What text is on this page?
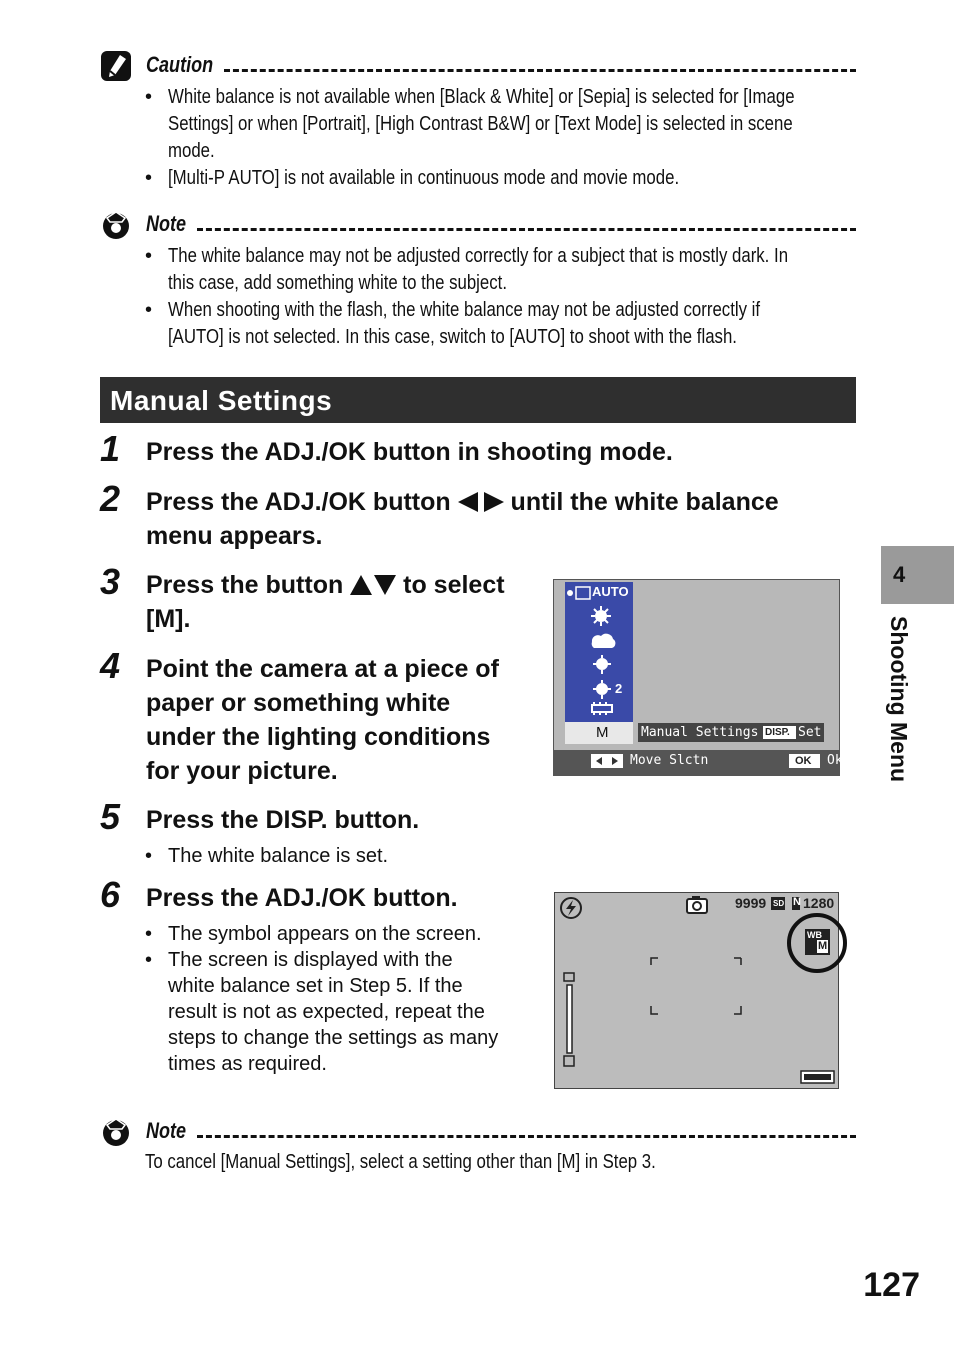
Caution
• White balance is not available when [Black & White] or [Sepia] is selected for [Image
Settings] or when [Portrait], [High Contrast B&W] or [Text Mode] is selected in scene
mode.
• [Multi-P AUTO] is not available in continuous mode and movie mode.
Note
• The white balance may not be adjusted correctly for a subject that is mostly dark. In
this case, add something white to the subject.
• When shooting with the flash, the white balance may not be adjusted correctly if
[AUTO] is not selected. In this case, switch to [AUTO] to shoot with the flash.
Manual Settings
1 Press the ADJ./OK button in shooting mode.
2 Press the ADJ./OK button  until the white balance
menu appears.
3 Press the button  to select
[M].
4 Point the camera at a piece of
paper or something white
under the lighting conditions
for your picture.
5 Press the DISP. button.
• The white balance is set.
6 Press the ADJ./OK button.
• The symbol appears on the screen.
• The screen is displayed with the
white balance set in Step 5. If the
result is not as expected, repeat the
steps to change the settings as many
times as required.
AUTO
2
M	Manual Settings DISP. Set
Move Slctn	OK Ok
9999 SD N 1280
WB
M
Note
To cancel [Manual Settings], select a setting other than [M] in Step 3.
4
Shooting Menu
127
